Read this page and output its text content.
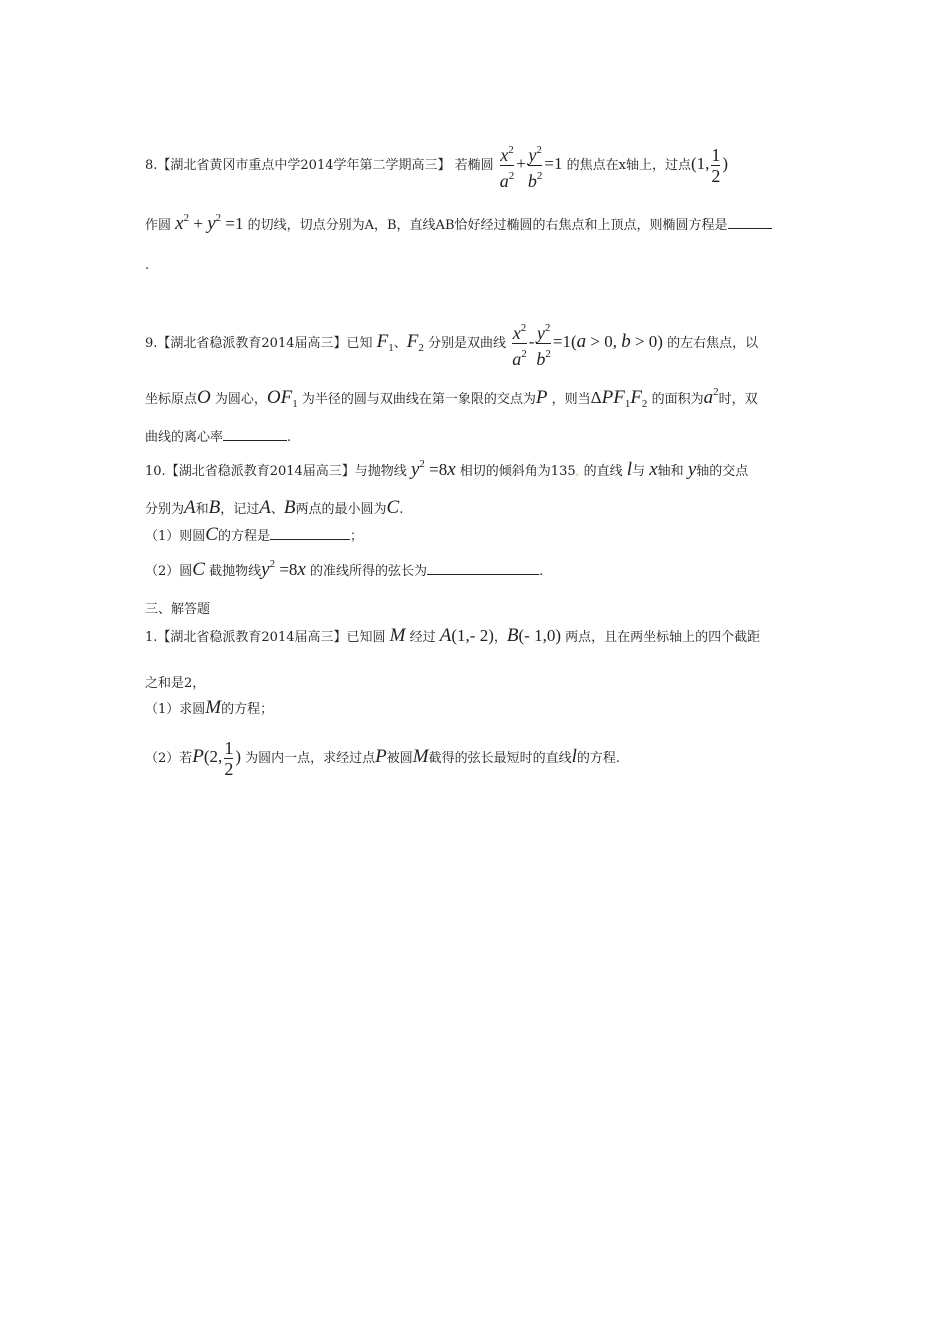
8.【湖北省黄冈市重点中学2014学年第二学期高三】 若椭圆 $\frac{x^2}{a^2} + \frac{y^2}{b^2} =1$ 的焦点在x轴上，过点(1, $\frac{1}{2}$ )
作圆 $x^2 + y^2 =1$ 的切线，切点分别为A，B，直线AB恰好经过椭圆的右焦点和上顶点，则椭圆方程是
.
9.【湖北省稳派教育2014届高三】已知 $F_1$、$F_2$ 分别是双曲线 $\frac{x^2}{a^2} - \frac{y^2}{b^2} =1(a > 0$, b > 0) 的左右焦点，以
坐标原点O 为圆心，$OF_1$ 为半径的圆与双曲线在第一象限的交点为P ，则当$\Delta PF_1F_2$ 的面积为$a^2$时，双
曲线的离心率	.
10.【湖北省稳派教育2014届高三】与抛物线 $y^2 =8x$ 相切的倾斜角为135。的直线 l与 x轴和 y轴的交点
分别为A和B，记过A、B两点的最小圆为C.
（1）则圆C的方程是	；
（2）圆C 截抛物线$y^2 =8x$ 的准线所得的弦长为	.
三、解答题
1.【湖北省稳派教育2014届高三】已知圆 M 经过 A(1,- 2)，B(- 1,0) 两点，且在两坐标轴上的四个截距
之和是2，
（1）求圆M的方程；
（2）若P(2, $\frac{1}{2}$ ) 为圆内一点，求经过点P被圆M截得的弦长最短时的直线l的方程.
